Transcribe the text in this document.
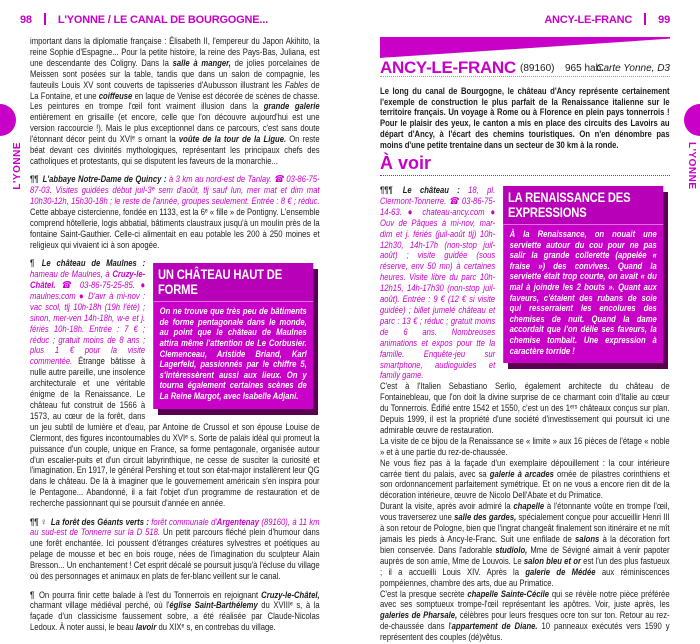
98 L'YONNE / LE CANAL DE BOURGOGNE...
L'YONNE

important dans la diplomatie française : Élisabeth II, l'empereur du Japon Akihito, la reine Sophie d'Espagne... Pour la petite histoire, la reine des Pays-Bas, Juliana, est une descendante des Coligny. Dans la salle à manger, de jolies porcelaines de Meissen sont posées sur la table, tandis que dans un salon de compagnie, les fauteuils Louis XV sont couverts de tapisseries d'Aubusson illustrant les Fables de La Fontaine, et une coiffeuse en laque de Venise est décorée de scènes de chasse. Les peintures en trompe l'œil font vraiment illusion dans la grande galerie entièrement en grisaille (et encore, celle que l'on découvre aujourd'hui est une version raccourcie !). Mais le plus exceptionnel dans ce parcours, c'est sans doute l'étonnant décor peint du XVIᵉ s ornant la voûte de la tour de la Ligue. On reste béat devant ces divinités mythologiques, représentant les principaux chefs des catholiques et protestants, qui se disputent les faveurs de la monarchie...

¶¶ L'abbaye Notre-Dame de Quincy : à 3 km au nord-est de Tanlay. ☎ 03-86-75-87-03. Visites guidées début juil-3ᵉ sem d'août, tlj sauf lun, mer mat et dim mat 10h30-12h, 15h30-18h ; le reste de l'année, groupes seulement. Entrée : 8 € ; réduc. Cette abbaye cistercienne, fondée en 1133, est la 6ᵉ « fille » de Pontigny. L'ensemble comprend hôtellerie, logis abbatial, bâtiments claustraux jusqu'à un moulin près de la fontaine Saint-Gauthier. Celle-ci alimentait en eau potable les 200 à 250 moines et religieux qui vivaient ici à son apogée.

UN CHÂTEAU HAUT DE FORME
On ne trouve que très peu de bâtiments de forme pentagonale dans le monde, au point que le château de Maulnes attira même l'attention de Le Corbusier. Clemenceau, Aristide Briand, Karl Lagerfeld, passionnés par le chiffre 5, s'intéressèrent aussi aux lieux. On y tourna également certaines scènes de La Reine Margot, avec Isabelle Adjani.

¶ Le château de Maulnes : hameau de Maulnes, à Cruzy-le-Châtel. ☎ 03-86-75-25-85. ● maulnes.com ● D'avr à mi-nov : vac scol, tlj 10h-18h (19h l'été) ; sinon, mer-ven 14h-18h, w-e et j. fériés 10h-18h. Entrée : 7 € ; réduc ; gratuit moins de 8 ans ; plus 1 € pour la visite commentée. Étrange bâtisse à nulle autre pareille, une insolence architecturale et une véritable énigme de la Renaissance. Le château fut construit de 1566 à 1573, au cœur de la forêt, dans un jeu subtil de lumière et d'eau, par Antoine de Crussol et son épouse Louise de Clermont, des figures incontournables du XVIᵉ s. Sorte de palais idéal qui promeut la puissance d'un couple, unique en France, sa forme pentagonale, organisée autour d'un escalier-puits et d'un circuit labyrinthique, ne cesse de susciter la curiosité et l'imagination. En 1917, le général Pershing et tout son état-major installèrent leur QG dans le château. De là à imaginer que le gouvernement américain s'en inspira pour le Pentagone... Abandonné, il a fait l'objet d'un programme de restauration et de recherche passionnant qui se poursuit d'année en année.

¶¶ ♀ La forêt des Géants verts : forêt communale d'Argentenay (89160), à 11 km au sud-est de Tonnerre sur la D 518. Un petit parcours fléché plein d'humour dans une forêt enchantée. Ici poussent d'étranges créatures sylvestres et poétiques au pelage de mousse et bec en bois rouge, nées de l'imagination du sculpteur Alain Bresson... Un enchantement ! Cet esprit décalé se poursuit jusqu'à l'écluse du village où des personnages et animaux en plats de fer-blanc veillent sur le canal.

¶ On pourra finir cette balade à l'est du Tonnerrois en rejoignant Cruzy-le-Châtel, charmant village médiéval perché, où l'église Saint-Barthélemy du XVIIIᵉ s, à la façade d'un classicisme faussement sobre, a été réalisée par Claude-Nicolas Ledoux. À noter aussi, le beau lavoir du XIXᵉ s, en contrebas du village.

ANCY-LE-FRANC 99
L'YONNE
ANCY-LE-FRANC (89160) 965 hab.
Carte Yonne, D3

Le long du canal de Bourgogne, le château d'Ancy représente certainement l'exemple de construction le plus parfait de la Renaissance italienne sur le territoire français. Un voyage à Rome ou à Florence en plein pays tonnerrois ! Pour le plaisir des yeux, le canton a mis en place des circuits des Lavoirs au départ d'Ancy, à l'écart des chemins touristiques. On n'en dénombre pas moins d'une petite trentaine dans un secteur de 30 km à la ronde.

À voir
LA RENAISSANCE DES EXPRESSIONS
À la Renaissance, on nouait une serviette autour du cou pour ne pas salir la grande collerette (appelée « fraise ») des convives. Quand la serviette était trop courte, on avait « du mal à joindre les 2 bouts ». Quant aux faveurs, c'étaient des rubans de soie qui resserraient les encolures des chemises de nuit. Quand la dame accordait que l'on délie ses faveurs, la chemise tombait. Une expression à caractère torride !

¶¶¶ Le château : 18, pl. Clermont-Tonnerre. ☎ 03-86-75-14-63. ● chateau-ancy.com ● Ouv de Pâques à mi-nov, mar-dim et j. fériés (juil-août tlj) 10h-12h30, 14h-17h (non-stop juil-août) ; visite guidée (sous réserve, env 50 mn) à certaines heures. Visite libre du parc 10h-12h15, 14h-17h30 (non-stop juil-août). Entrée : 9 € (12 € si visite guidée) ; billet jumelé château et parc : 13 € ; réduc ; gratuit moins de 6 ans. Nombreuses animations et expos pour tte la famille. Enquête-jeu sur smartphone, audioguides et family game.

C'est à l'Italien Sebastiano Serlio, également architecte du château de Fontainebleau, que l'on doit la divine surprise de ce charmant coin d'Italie au cœur du Tonnerrois. Édifié entre 1542 et 1550, c'est un des 1ᵉʳˢ châteaux conçus sur plan. Depuis 1999, il est la propriété d'une société d'investissement qui poursuit ici une admirable œuvre de restauration.

La visite de ce bijou de la Renaissance se « limite » aux 16 pièces de l'étage « noble » et à une partie du rez-de-chaussée.

Ne vous fiez pas à la façade d'un exemplaire dépouillement : la cour intérieure carrée tient du palais, avec sa galerie à arcades ornée de pilastres corinthiens et son ordonnancement parfaitement symétrique. Et on ne vous a encore rien dit de la décoration intérieure, œuvre de Nicolo Dell'Abate et du Primatice.

Durant la visite, après avoir admiré la chapelle à l'étonnante voûte en trompe l'œil, vous traverserez une salle des gardes, spécialement conçue pour accueillir Henri III à son retour de Pologne, bien que l'ingrat changeât finalement son itinéraire et ne mît jamais les pieds à Ancy-le-Franc. Suit une enfilade de salons à la décoration fort bien conservée. Dans l'adorable studiolo, Mme de Sévigné aimait à venir papoter auprès de son amie, Mme de Louvois. Le salon bleu et or est l'un des plus fastueux ; il a accueilli Louis XIV. Après la galerie de Médée aux réminiscences pompéiennes, chambre des arts, due au Primatice.

C'est la presque secrète chapelle Sainte-Cécile qui se révèle notre pièce préférée avec ses somptueux trompe-l'œil représentant les apôtres. Voir, juste après, les galeries de Pharsale, célèbres pour leurs fresques ocre ton sur ton. Retour au rez-de-chaussée dans l'appartement de Diane. 10 panneaux exécutés vers 1590 y représentent des couples (dé)vêtus.
